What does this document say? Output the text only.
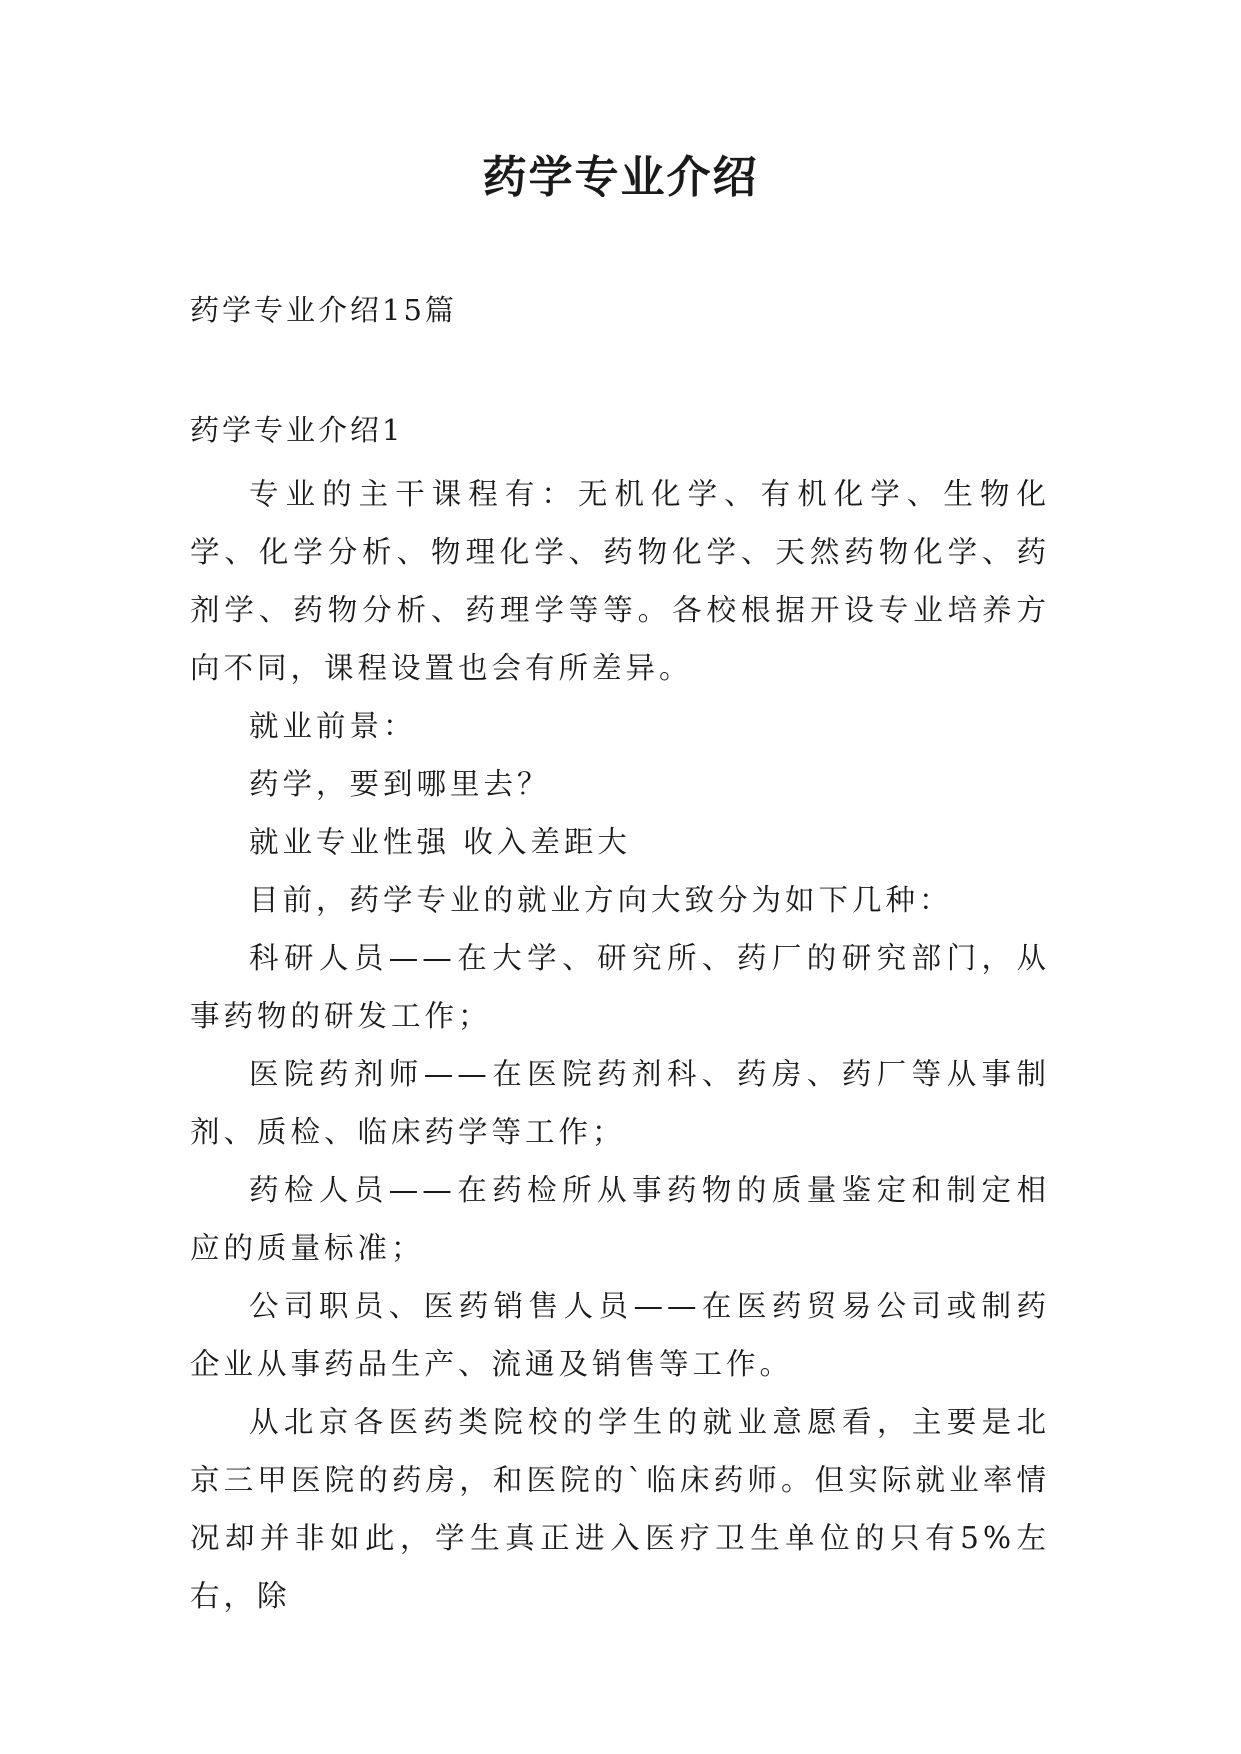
药学专业介绍
药学专业介绍15篇
药学专业介绍1

专业的主干课程有：无机化学、有机化学、生物化学、化学分析、物理化学、药物化学、天然药物化学、药剂学、药物分析、药理学等等。各校根据开设专业培养方向不同，课程设置也会有所差异。

就业前景：

药学，要到哪里去？

就业专业性强 收入差距大

目前，药学专业的就业方向大致分为如下几种：

科研人员——在大学、研究所、药厂的研究部门，从事药物的研发工作；

医院药剂师——在医院药剂科、药房、药厂等从事制剂、质检、临床药学等工作；

药检人员——在药检所从事药物的质量鉴定和制定相应的质量标准；

公司职员、医药销售人员——在医药贸易公司或制药企业从事药品生产、流通及销售等工作。

从北京各医药类院校的学生的就业意愿看，主要是北京三甲医院的药房，和医院的`临床药师。但实际就业率情况却并非如此，学生真正进入医疗卫生单位的只有5%左右，除
